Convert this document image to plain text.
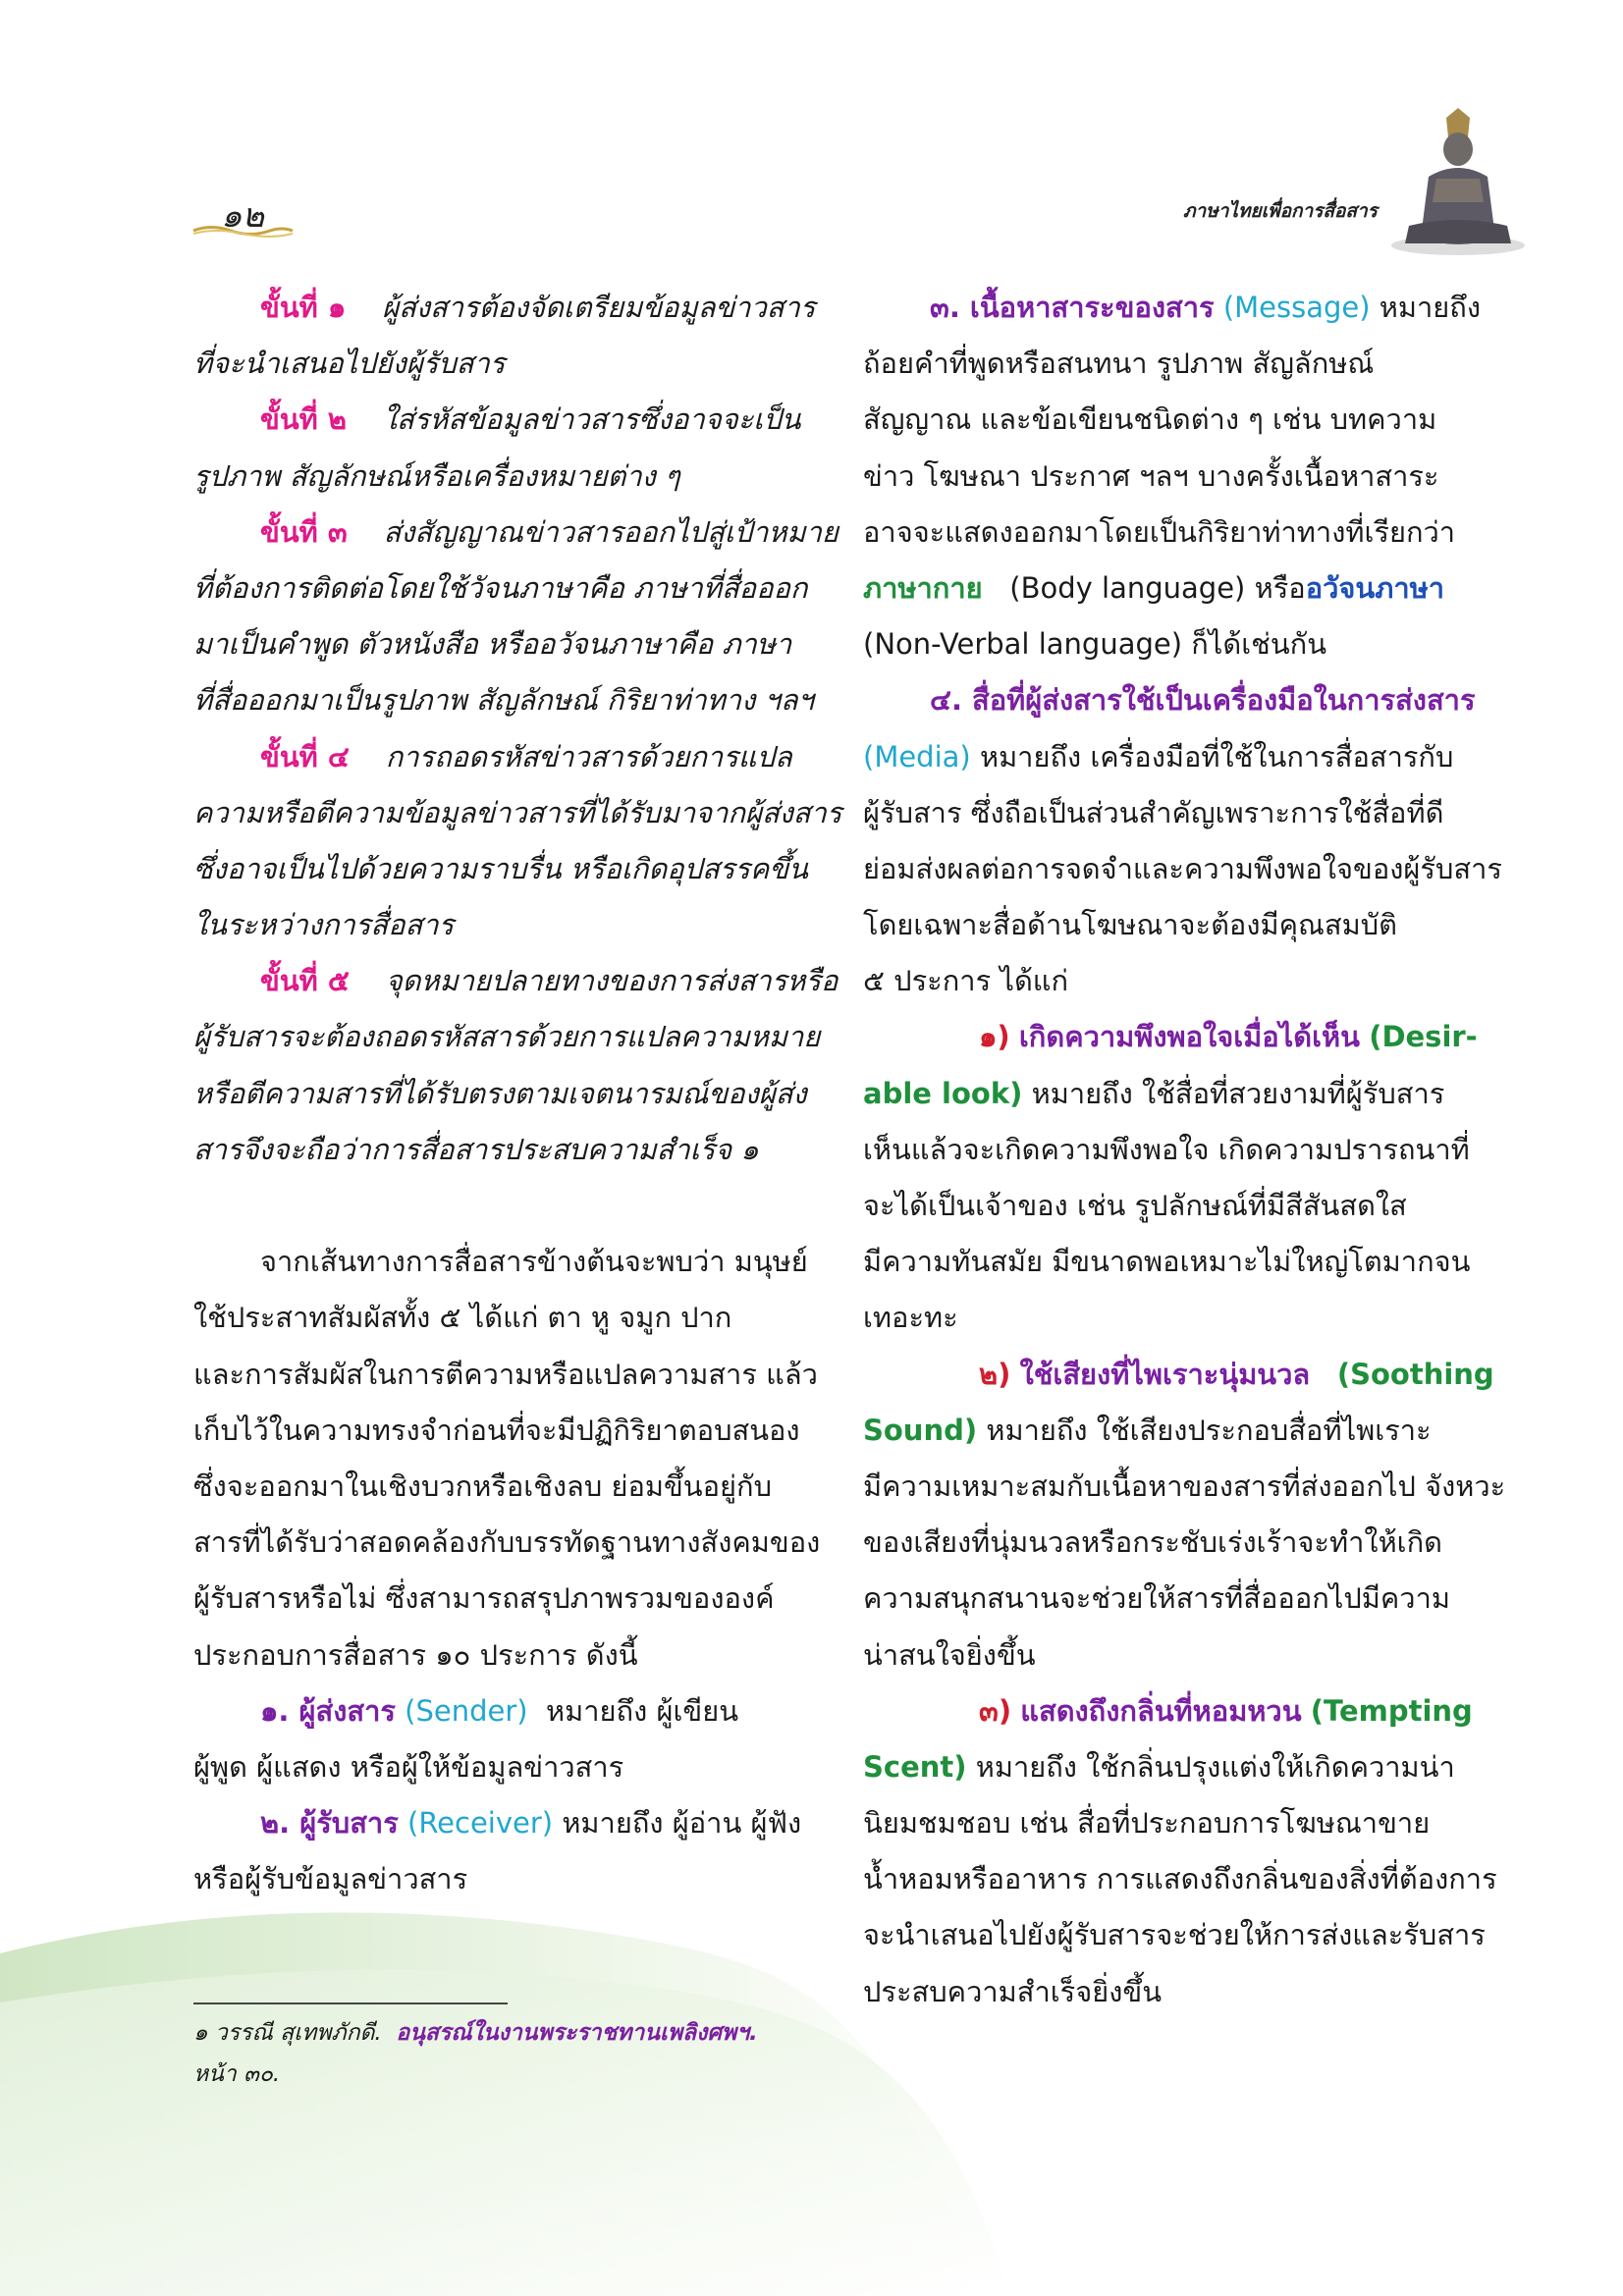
๑๒	ภาษาไทยเพื่อการสื่อสาร
ขั้นที่ ๑
ผู้ส่งสารต้องจัดเตรียมข้อมูลข่าวสาร
ที่จะนำเสนอไปยังผู้รับสาร
ขั้นที่ ๒
ใส่รหัสข้อมูลข่าวสารซึ่งอาจจะเป็น
รูปภาพ สัญลักษณ์หรือเครื่องหมายต่าง ๆ
ขั้นที่ ๓
ส่งสัญญาณข่าวสารออกไปสู่เป้าหมาย
ที่ต้องการติดต่อโดยใช้วัจนภาษาคือ ภาษาที่สื่อออก
มาเป็นคำพูด ตัวหนังสือ หรืออวัจนภาษาคือ ภาษา
ที่สื่อออกมาเป็นรูปภาพ สัญลักษณ์ กิริยาท่าทาง ฯลฯ
ขั้นที่ ๔
การถอดรหัสข่าวสารด้วยการแปล
ความหรือตีความข้อมูลข่าวสารที่ได้รับมาจากผู้ส่งสาร
ซึ่งอาจเป็นไปด้วยความราบรื่น หรือเกิดอุปสรรคขึ้น
ในระหว่างการสื่อสาร
ขั้นที่ ๕
จุดหมายปลายทางของการส่งสารหรือ
ผู้รับสารจะต้องถอดรหัสสารด้วยการแปลความหมาย
หรือตีความสารที่ได้รับตรงตามเจตนารมณ์ของผู้ส่ง
สารจึงจะถือว่าการสื่อสารประสบความสำเร็จ ๑
จากเส้นทางการสื่อสารข้างต้นจะพบว่า มนุษย์
ใช้ประสาทสัมผัสทั้ง ๕ ได้แก่ ตา หู จมูก ปาก
และการสัมผัสในการตีความหรือแปลความสาร แล้ว
เก็บไว้ในความทรงจำก่อนที่จะมีปฏิกิริยาตอบสนอง
ซึ่งจะออกมาในเชิงบวกหรือเชิงลบ ย่อมขึ้นอยู่กับ
สารที่ได้รับว่าสอดคล้องกับบรรทัดฐานทางสังคมของ
ผู้รับสารหรือไม่ ซึ่งสามารถสรุปภาพรวมขององค์
ประกอบการสื่อสาร ๑๐ ประการ ดังนี้
๑. ผู้ส่งสาร
(Sender)
หมายถึง ผู้เขียน
ผู้พูด ผู้แสดง หรือผู้ให้ข้อมูลข่าวสาร
๒. ผู้รับสาร
(Receiver)
หมายถึง ผู้อ่าน ผู้ฟัง
หรือผู้รับข้อมูลข่าวสาร
๓. เนื้อหาสาระของสาร
(Message)
หมายถึง
ถ้อยคำที่พูดหรือสนทนา รูปภาพ สัญลักษณ์
สัญญาณ และข้อเขียนชนิดต่าง ๆ เช่น บทความ
ข่าว โฆษณา ประกาศ ฯลฯ บางครั้งเนื้อหาสาระ
อาจจะแสดงออกมาโดยเป็นกิริยาท่าทางที่เรียกว่า
ภาษากาย
(Body language) หรือ อวัจนภาษา
(Non-Verbal language) ก็ได้เช่นกัน
๔. สื่อที่ผู้ส่งสารใช้เป็นเครื่องมือในการส่งสาร
(Media)
หมายถึง เครื่องมือที่ใช้ในการสื่อสารกับ
ผู้รับสาร ซึ่งถือเป็นส่วนสำคัญเพราะการใช้สื่อที่ดี
ย่อมส่งผลต่อการจดจำและความพึงพอใจของผู้รับสาร
โดยเฉพาะสื่อด้านโฆษณาจะต้องมีคุณสมบัติ
๕ ประการ ได้แก่
๑)
เกิดความพึงพอใจเมื่อได้เห็น
(Desir-
able look)
หมายถึง ใช้สื่อที่สวยงามที่ผู้รับสาร
เห็นแล้วจะเกิดความพึงพอใจ เกิดความปรารถนาที่
จะได้เป็นเจ้าของ เช่น รูปลักษณ์ที่มีสีสันสดใส
มีความทันสมัย มีขนาดพอเหมาะไม่ใหญ่โตมากจน
เทอะทะ
๒)
ใช้เสียงที่ไพเราะนุ่มนวล
(Soothing
Sound)
หมายถึง ใช้เสียงประกอบสื่อที่ไพเราะ
มีความเหมาะสมกับเนื้อหาของสารที่ส่งออกไป จังหวะ
ของเสียงที่นุ่มนวลหรือกระชับเร่งเร้าจะทำให้เกิด
ความสนุกสนานจะช่วยให้สารที่สื่อออกไปมีความ
น่าสนใจยิ่งขึ้น
๓)
แสดงถึงกลิ่นที่หอมหวน
(Tempting
Scent)
หมายถึง ใช้กลิ่นปรุงแต่งให้เกิดความน่า
นิยมชมชอบ เช่น สื่อที่ประกอบการโฆษณาขาย
น้ำหอมหรืออาหาร การแสดงถึงกลิ่นของสิ่งที่ต้องการ
จะนำเสนอไปยังผู้รับสารจะช่วยให้การส่งและรับสาร
ประสบความสำเร็จยิ่งขึ้น
๑ วรรณี สุเทพภักดี. อนุสรณ์ในงานพระราชทานเพลิงศพฯ.
หน้า ๓๐.
